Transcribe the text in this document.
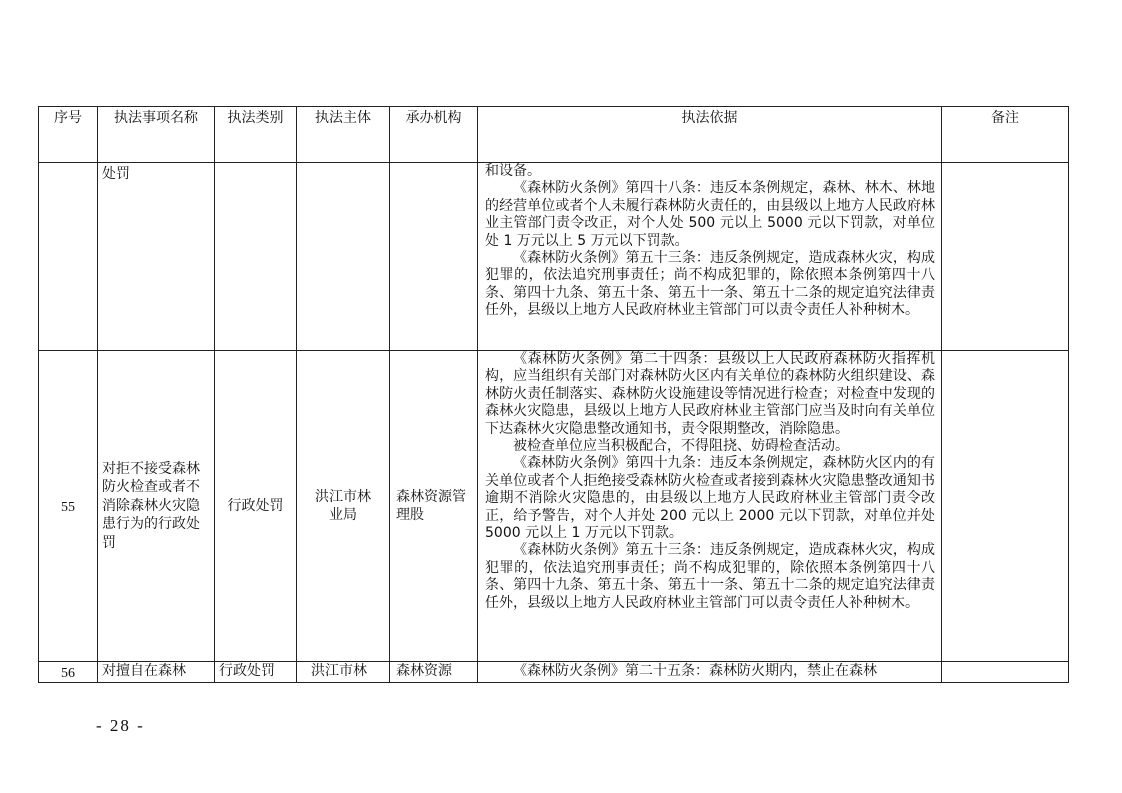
序号	执法事项名称	执法类别	执法主体	承办机构	执法依据	备注

	处罚				和设备。

《森林防火条例》第四十八条：违反本条例规定，森林、林木、林地的经营单位或者个人未履行森林防火责任的，由县级以上地方人民政府林业主管部门责令改正，对个人处 500 元以上 5000 元以下罚款，对单位处 1 万元以上 5 万元以下罚款。

《森林防火条例》第五十三条：违反条例规定，造成森林火灾，构成犯罪的，依法追究刑事责任；尚不构成犯罪的，除依照本条例第四十八条、第四十九条、第五十条、第五十一条、第五十二条的规定追究法律责任外，县级以上地方人民政府林业主管部门可以责令责任人补种树木。	

55	对拒不接受森林防火检查或者不消除森林火灾隐患行为的行政处罚	行政处罚	洪江市林业局	森林资源管理股	《森林防火条例》第二十四条：县级以上人民政府森林防火指挥机构，应当组织有关部门对森林防火区内有关单位的森林防火组织建设、森林防火责任制落实、森林防火设施建设等情况进行检查；对检查中发现的森林火灾隐患，县级以上地方人民政府林业主管部门应当及时向有关单位下达森林火灾隐患整改通知书，责令限期整改，消除隐患。

被检查单位应当积极配合，不得阻挠、妨碍检查活动。

《森林防火条例》第四十九条：违反本条例规定，森林防火区内的有关单位或者个人拒绝接受森林防火检查或者接到森林火灾隐患整改通知书逾期不消除火灾隐患的，由县级以上地方人民政府林业主管部门责令改正，给予警告，对个人并处 200 元以上 2000 元以下罚款，对单位并处 5000 元以上 1 万元以下罚款。

《森林防火条例》第五十三条：违反条例规定，造成森林火灾，构成犯罪的，依法追究刑事责任；尚不构成犯罪的，除依照本条例第四十八条、第四十九条、第五十条、第五十一条、第五十二条的规定追究法律责任外，县级以上地方人民政府林业主管部门可以责令责任人补种树木。	

56	对擅自在森林	行政处罚	洪江市林	森林资源	《森林防火条例》第二十五条：森林防火期内，禁止在森林	

- 28 -
